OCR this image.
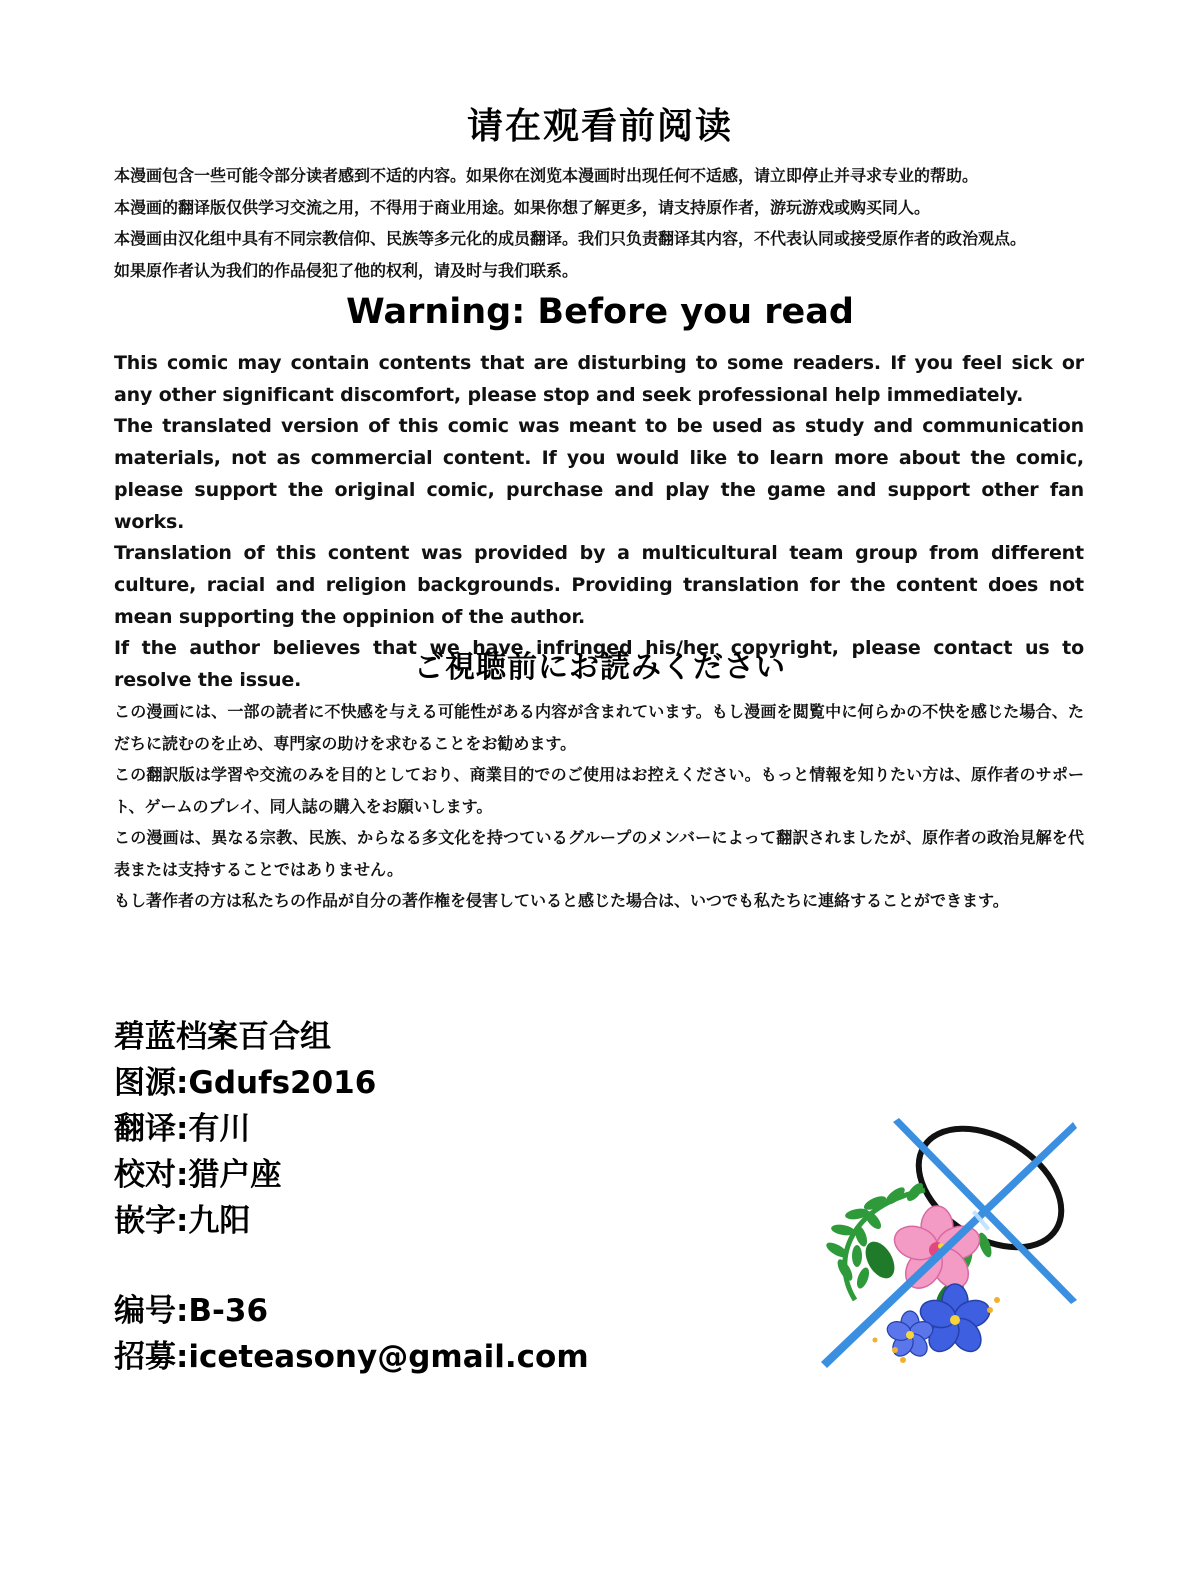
请在观看前阅读

本漫画包含一些可能令部分读者感到不适的内容。如果你在浏览本漫画时出现任何不适感，请立即停止并寻求专业的帮助。

本漫画的翻译版仅供学习交流之用，不得用于商业用途。如果你想了解更多，请支持原作者，游玩游戏或购买同人。

本漫画由汉化组中具有不同宗教信仰、民族等多元化的成员翻译。我们只负责翻译其内容，不代表认同或接受原作者的政治观点。

如果原作者认为我们的作品侵犯了他的权利，请及时与我们联系。

Warning: Before you read

This comic may contain contents that are disturbing to some readers. If you feel sick or any other significant discomfort, please stop and seek professional help immediately.

The translated version of this comic was meant to be used as study and communication materials, not as commercial content. If you would like to learn more about the comic, please support the original comic, purchase and play the game and support other fan works.

Translation of this content was provided by a multicultural team group from different culture, racial and religion backgrounds. Providing translation for the content does not mean supporting the oppinion of the author.

If the author believes that we have infringed his/her copyright, please contact us to resolve the issue.	ご視聴前にお読みください

この漫画には、一部の読者に不快感を与える可能性がある内容が含まれています。もし漫画を閲覧中に何らかの不快を感じた場合、ただちに読むのを止め、専門家の助けを求むることをお勧めます。

この翻訳版は学習や交流のみを目的としており、商業目的でのご使用はお控えください。もっと情報を知りたい方は、原作者のサポート、ゲームのプレイ、同人誌の購入をお願いします。

この漫画は、異なる宗教、民族、からなる多文化を持つているグループのメンバーによって翻訳されましたが、原作者の政治見解を代表または支持することではありません。

もし著作者の方は私たちの作品が自分の著作権を侵害していると感じた場合は、いつでも私たちに連絡することができます。

碧蓝档案百合组
图源:Gdufs2016
翻译:有川
校对:猎户座
嵌字:九阳
编号:B-36
招募:iceteasony@gmail.com
